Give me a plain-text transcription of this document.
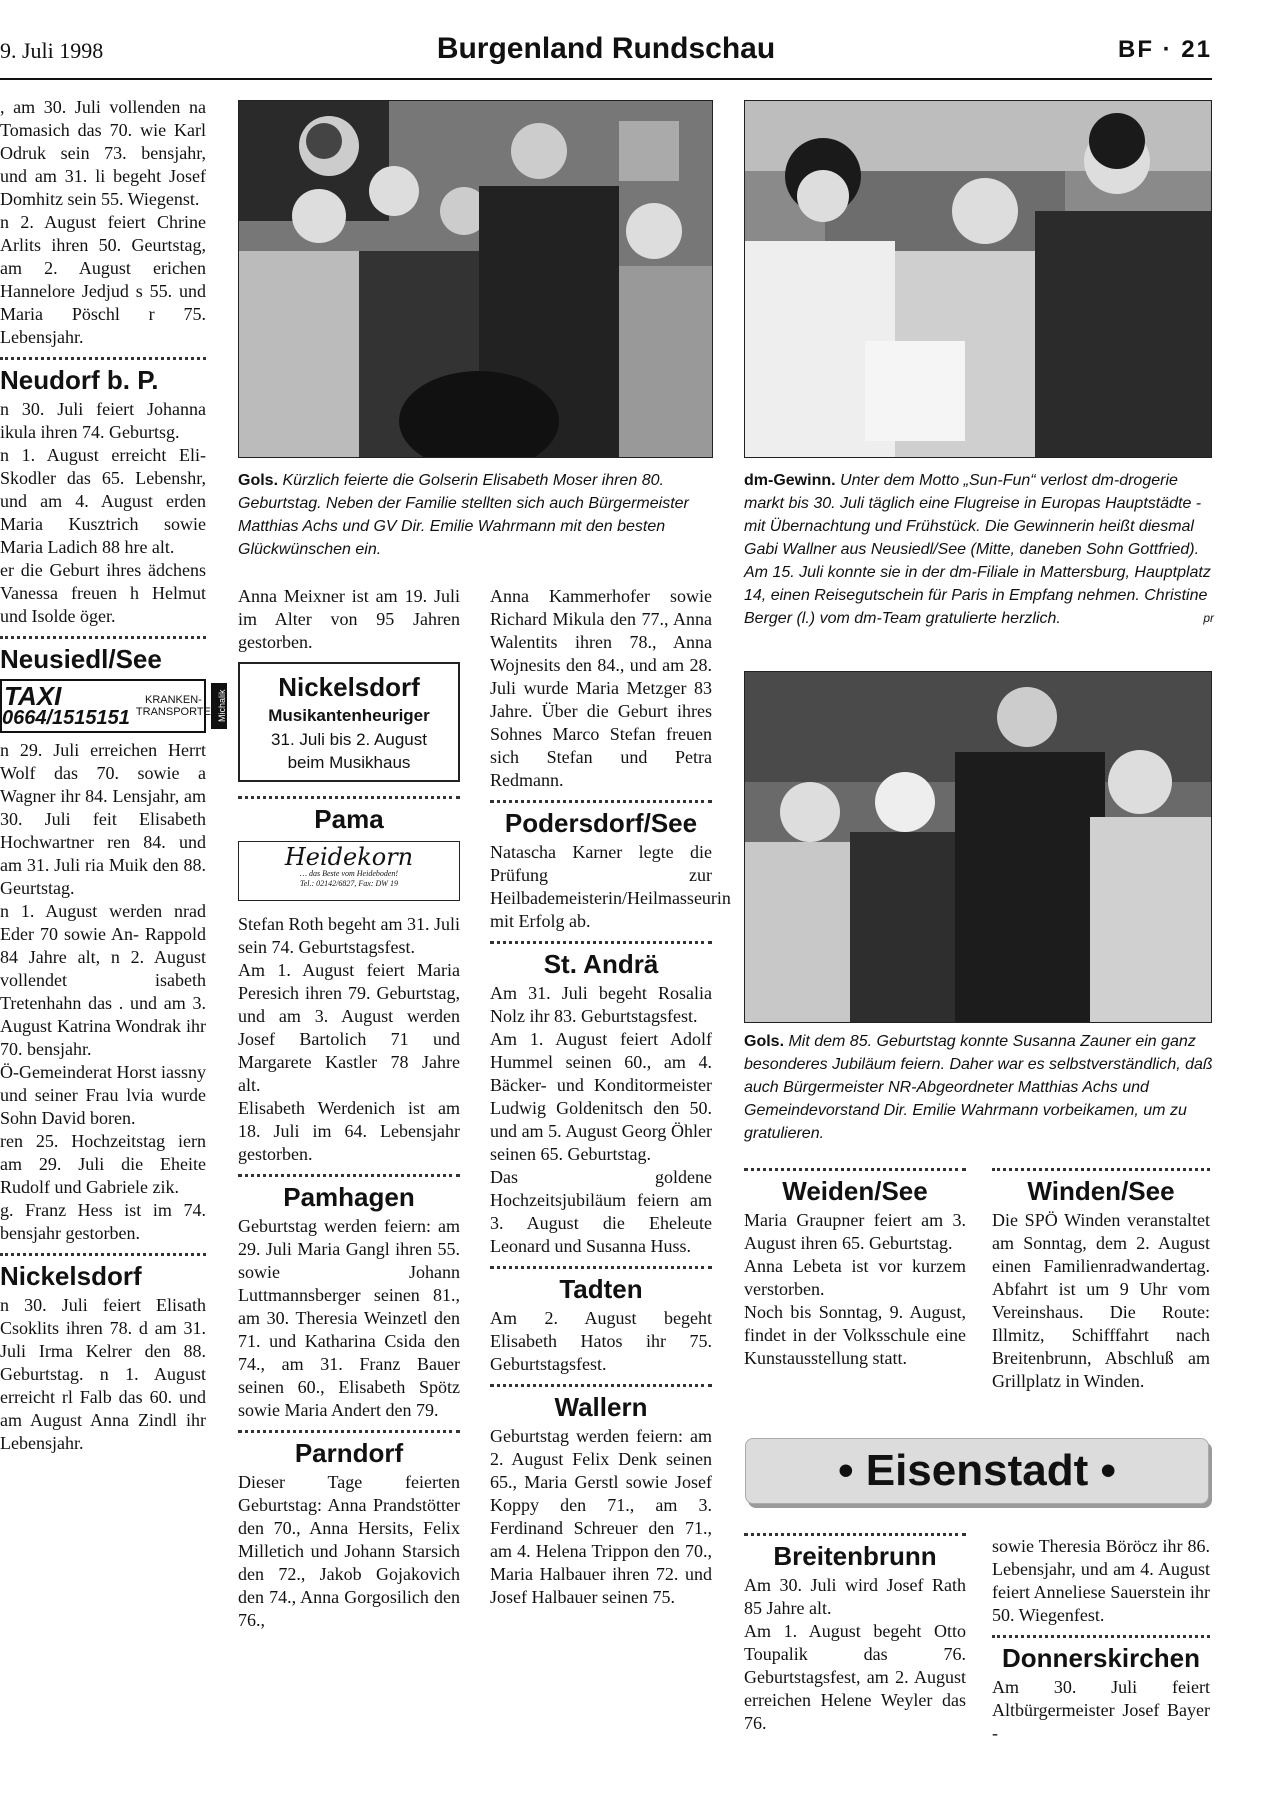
9. Juli 1998	Burgenland Rundschau	BF · 21

, am 30. Juli vollenden na Tomasich das 70. wie Karl Odruk sein 73. bensjahr, und am 31. li begeht Josef Domhitz sein 55. Wiegenst.

n 2. August feiert Chrine Arlits ihren 50. Geurtstag, am 2. August erichen Hannelore Jedjud s 55. und Maria Pöschl r 75. Lebensjahr.

Neudorf b. P.

n 30. Juli feiert Johanna ikula ihren 74. Geburtsg.

n 1. August erreicht Eli-Skodler das 65. Lebenshr, und am 4. August erden Maria Kusztrich sowie Maria Ladich 88 hre alt.

er die Geburt ihres ädchens Vanessa freuen h Helmut und Isolde öger.

Neusiedl/See
TAXI
0664/1515151
KRANKEN-TRANSPORTE Michalik

n 29. Juli erreichen Herrt Wolf das 70. sowie a Wagner ihr 84. Lensjahr, am 30. Juli feit Elisabeth Hochwartner ren 84. und am 31. Juli ria Muik den 88. Geurtstag.

n 1. August werden nrad Eder 70 sowie An- Rappold 84 Jahre alt, n 2. August vollendet isabeth Tretenhahn das . und am 3. August Katrina Wondrak ihr 70. bensjahr.

Ö-Gemeinderat Horst iassny und seiner Frau lvia wurde Sohn David boren.

ren 25. Hochzeitstag iern am 29. Juli die Eheite Rudolf und Gabriele zik.

g. Franz Hess ist im 74. bensjahr gestorben.

Nickelsdorf

n 30. Juli feiert Elisath Csoklits ihren 78. d am 31. Juli Irma Kelrer den 88. Geburtstag. n 1. August erreicht rl Falb das 60. und am August Anna Zindl ihr Lebensjahr.

Gols. Kürzlich feierte die Golserin Elisabeth Moser ihren 80. Geburtstag. Neben der Familie stellten sich auch Bürgermeister Matthias Achs und GV Dir. Emilie Wahrmann mit den besten Glückwünschen ein.
dm-Gewinn. Unter dem Motto „Sun-Fun“ verlost dm-drogerie markt bis 30. Juli täglich eine Flugreise in Europas Hauptstädte - mit Übernachtung und Frühstück. Die Gewinnerin heißt diesmal Gabi Wallner aus Neusiedl/See (Mitte, daneben Sohn Gottfried). Am 15. Juli konnte sie in der dm-Filiale in Mattersburg, Hauptplatz 14, einen Reisegutschein für Paris in Empfang nehmen. Christine Berger (l.) vom dm-Team gratulierte herzlich.	pr
Gols. Mit dem 85. Geburtstag konnte Susanna Zauner ein ganz besonderes Jubiläum feiern. Daher war es selbstverständlich, daß auch Bürgermeister NR-Abgeordneter Matthias Achs und Gemeindevorstand Dir. Emilie Wahrmann vorbeikamen, um zu gratulieren.

Anna Meixner ist am 19. Juli im Alter von 95 Jahren gestorben.

Nickelsdorf
Musikantenheuriger
31. Juli bis 2. August
beim Musikhaus
Pama
Heidekorn
… das Beste vom Heideboden!
Tel.: 02142/6827, Fax: DW 19

Stefan Roth begeht am 31. Juli sein 74. Geburtstagsfest.

Am 1. August feiert Maria Peresich ihren 79. Geburtstag, und am 3. August werden Josef Bartolich 71 und Margarete Kastler 78 Jahre alt.

Elisabeth Werdenich ist am 18. Juli im 64. Lebensjahr gestorben.

Pamhagen

Geburtstag werden feiern: am 29. Juli Maria Gangl ihren 55. sowie Johann Luttmannsberger seinen 81., am 30. Theresia Weinzetl den 71. und Katharina Csida den 74., am 31. Franz Bauer seinen 60., Elisabeth Spötz sowie Maria Andert den 79.

Parndorf

Dieser Tage feierten Geburtstag: Anna Prandstötter den 70., Anna Hersits, Felix Milletich und Johann Starsich den 72., Jakob Gojakovich den 74., Anna Gorgosilich den 76.,

Anna Kammerhofer sowie Richard Mikula den 77., Anna Walentits ihren 78., Anna Wojnesits den 84., und am 28. Juli wurde Maria Metzger 83 Jahre. Über die Geburt ihres Sohnes Marco Stefan freuen sich Stefan und Petra Redmann.

Podersdorf/See

Natascha Karner legte die Prüfung zur Heilbademeisterin/Heilmasseurin mit Erfolg ab.

St. Andrä

Am 31. Juli begeht Rosalia Nolz ihr 83. Geburtstagsfest.

Am 1. August feiert Adolf Hummel seinen 60., am 4. Bäcker- und Konditormeister Ludwig Goldenitsch den 50. und am 5. August Georg Öhler seinen 65. Geburtstag.

Das goldene Hochzeitsjubiläum feiern am 3. August die Eheleute Leonard und Susanna Huss.

Tadten

Am 2. August begeht Elisabeth Hatos ihr 75. Geburtstagsfest.

Wallern

Geburtstag werden feiern: am 2. August Felix Denk seinen 65., Maria Gerstl sowie Josef Koppy den 71., am 3. Ferdinand Schreuer den 71., am 4. Helena Trippon den 70., Maria Halbauer ihren 72. und Josef Halbauer seinen 75.

Weiden/See

Maria Graupner feiert am 3. August ihren 65. Geburtstag.

Anna Lebeta ist vor kurzem verstorben.

Noch bis Sonntag, 9. August, findet in der Volksschule eine Kunstausstellung statt.

Winden/See

Die SPÖ Winden veranstaltet am Sonntag, dem 2. August einen Familienradwandertag. Abfahrt ist um 9 Uhr vom Vereinshaus. Die Route: Illmitz, Schifffahrt nach Breitenbrunn, Abschluß am Grillplatz in Winden.

• Eisenstadt •
Breitenbrunn

Am 30. Juli wird Josef Rath 85 Jahre alt.

Am 1. August begeht Otto Toupalik das 76. Geburtstagsfest, am 2. August erreichen Helene Weyler das 76.

sowie Theresia Böröcz ihr 86. Lebensjahr, und am 4. August feiert Anneliese Sauerstein ihr 50. Wiegenfest.

Donnerskirchen

Am 30. Juli feiert Altbürgermeister Josef Bayer -
